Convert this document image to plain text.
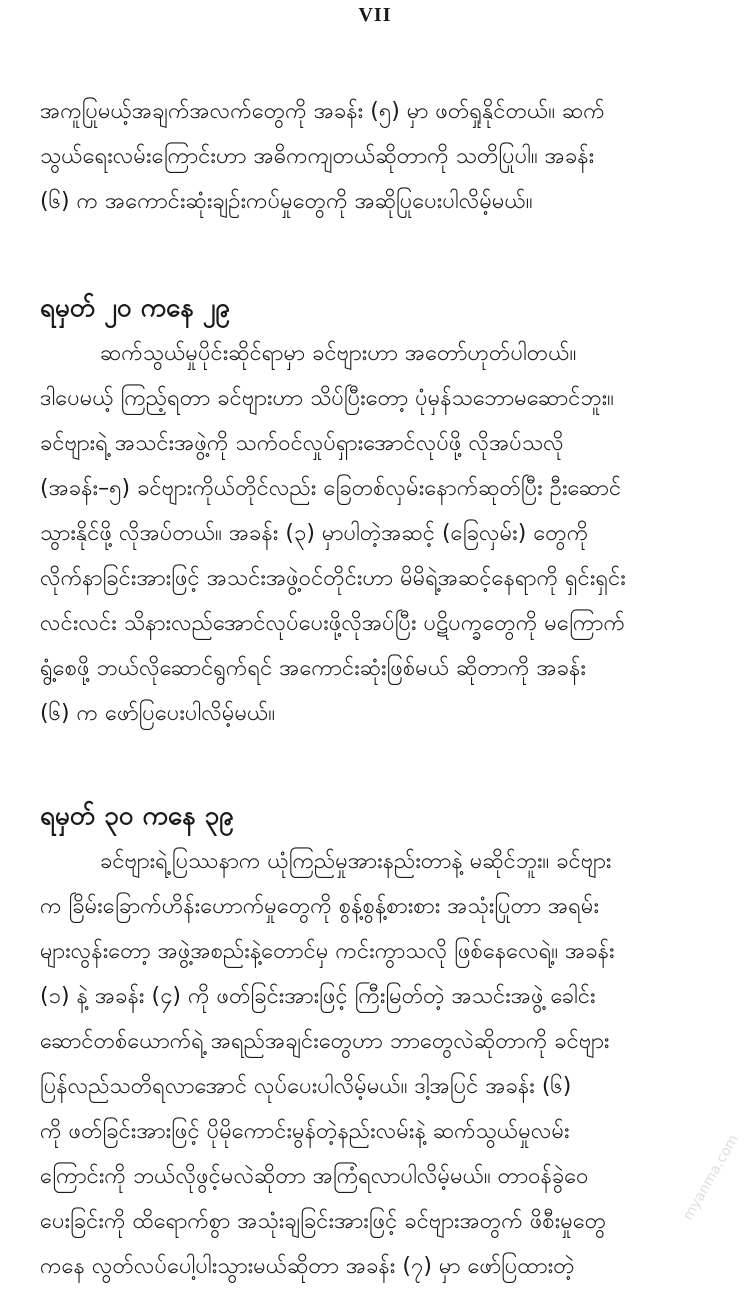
VII
အကူပြုမယ့်အချက်အလက်တွေကို အခန်း (၅) မှာ ဖတ်ရှုနိုင်တယ်။ ဆက်
သွယ်ရေးလမ်းကြောင်းဟာ အဓိကကျတယ်ဆိုတာကို သတိပြုပါ။ အခန်း
(၆) က အကောင်းဆုံးချဉ်းကပ်မှုတွေကို အဆိုပြုပေးပါလိမ့်မယ်။
ရမှတ် ၂၀ ကနေ ၂၉
ဆက်သွယ်မှုပိုင်းဆိုင်ရာမှာ ခင်ဗျားဟာ အတော်ဟုတ်ပါတယ်။
ဒါပေမယ့် ကြည့်ရတာ ခင်ဗျားဟာ သိပ်ပြီးတော့ ပုံမှန်သဘောမဆောင်ဘူး။
ခင်ဗျားရဲ့ အသင်းအဖွဲ့ကို သက်ဝင်လှုပ်ရှားအောင်လုပ်ဖို့ လိုအပ်သလို
(အခန်း–၅) ခင်ဗျားကိုယ်တိုင်လည်း ခြေတစ်လှမ်းနောက်ဆုတ်ပြီး ဦးဆောင်
သွားနိုင်ဖို့ လိုအပ်တယ်။ အခန်း (၃) မှာပါတဲ့အဆင့် (ခြေလှမ်း) တွေကို
လိုက်နာခြင်းအားဖြင့် အသင်းအဖွဲ့ဝင်တိုင်းဟာ မိမိရဲ့အဆင့်နေရာကို ရှင်းရှင်း
လင်းလင်း သိနားလည်အောင်လုပ်ပေးဖို့လိုအပ်ပြီး ပဋိပက္ခတွေကို မကြောက်
ရွံ့စေဖို့ ဘယ်လိုဆောင်ရွက်ရင် အကောင်းဆုံးဖြစ်မယ် ဆိုတာကို အခန်း
(၆) က ဖော်ပြပေးပါလိမ့်မယ်။
ရမှတ် ၃၀ ကနေ ၃၉
ခင်ဗျားရဲ့ပြဿနာက ယုံကြည်မှုအားနည်းတာနဲ့ မဆိုင်ဘူး။ ခင်ဗျား
က ခြိမ်းခြောက်ဟိန်းဟောက်မှုတွေကို စွန့်စွန့်စားစား အသုံးပြုတာ အရမ်း
များလွန်းတော့ အဖွဲ့အစည်းနဲ့တောင်မှ ကင်းကွာသလို ဖြစ်နေလေရဲ့။ အခန်း
(၁) နဲ့ အခန်း (၄) ကို ဖတ်ခြင်းအားဖြင့် ကြီးမြတ်တဲ့ အသင်းအဖွဲ့ ခေါင်း
ဆောင်တစ်ယောက်ရဲ့ အရည်အချင်းတွေဟာ ဘာတွေလဲဆိုတာကို ခင်ဗျား
ပြန်လည်သတိရလာအောင် လုပ်ပေးပါလိမ့်မယ်။ ဒါ့အပြင် အခန်း (၆)
ကို ဖတ်ခြင်းအားဖြင့် ပိုမိုကောင်းမွန်တဲ့နည်းလမ်းနဲ့ ဆက်သွယ်မှုလမ်း
ကြောင်းကို ဘယ်လိုဖွင့်မလဲဆိုတာ အကြံရလာပါလိမ့်မယ်။ တာဝန်ခွဲဝေ
ပေးခြင်းကို ထိရောက်စွာ အသုံးချခြင်းအားဖြင့် ခင်ဗျားအတွက် ဖိစီးမှုတွေ
ကနေ လွတ်လပ်ပေါ့ပါးသွားမယ်ဆိုတာ အခန်း (၇) မှာ ဖော်ပြထားတဲ့
myanma.com
